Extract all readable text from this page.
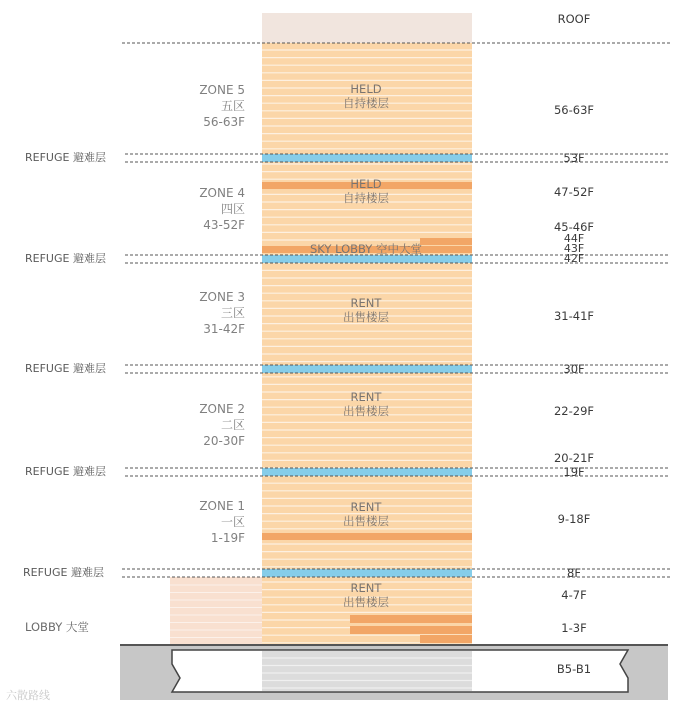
ROOF
ZONE 5
五区
56-63F
HELD
自持楼层
ZONE 4
四区
43-52F
HELD
自持楼层
SKY LOBBY 空中大堂
ZONE 3
三区
31-42F
RENT
出售楼层
ZONE 2
二区
20-30F
RENT
出售楼层
ZONE 1
一区
1-19F
RENT
出售楼层
RENT
出售楼层
LOBBY 大堂
REFUGE 避难层
REFUGE 避难层
REFUGE 避难层
REFUGE 避难层
REFUGE 避难层
56-63F
53F
47-52F
45-46F
44F
43F
42F
31-41F
30F
22-29F
20-21F
19F
9-18F
8F
4-7F
1-3F
B5-B1
六散路线
